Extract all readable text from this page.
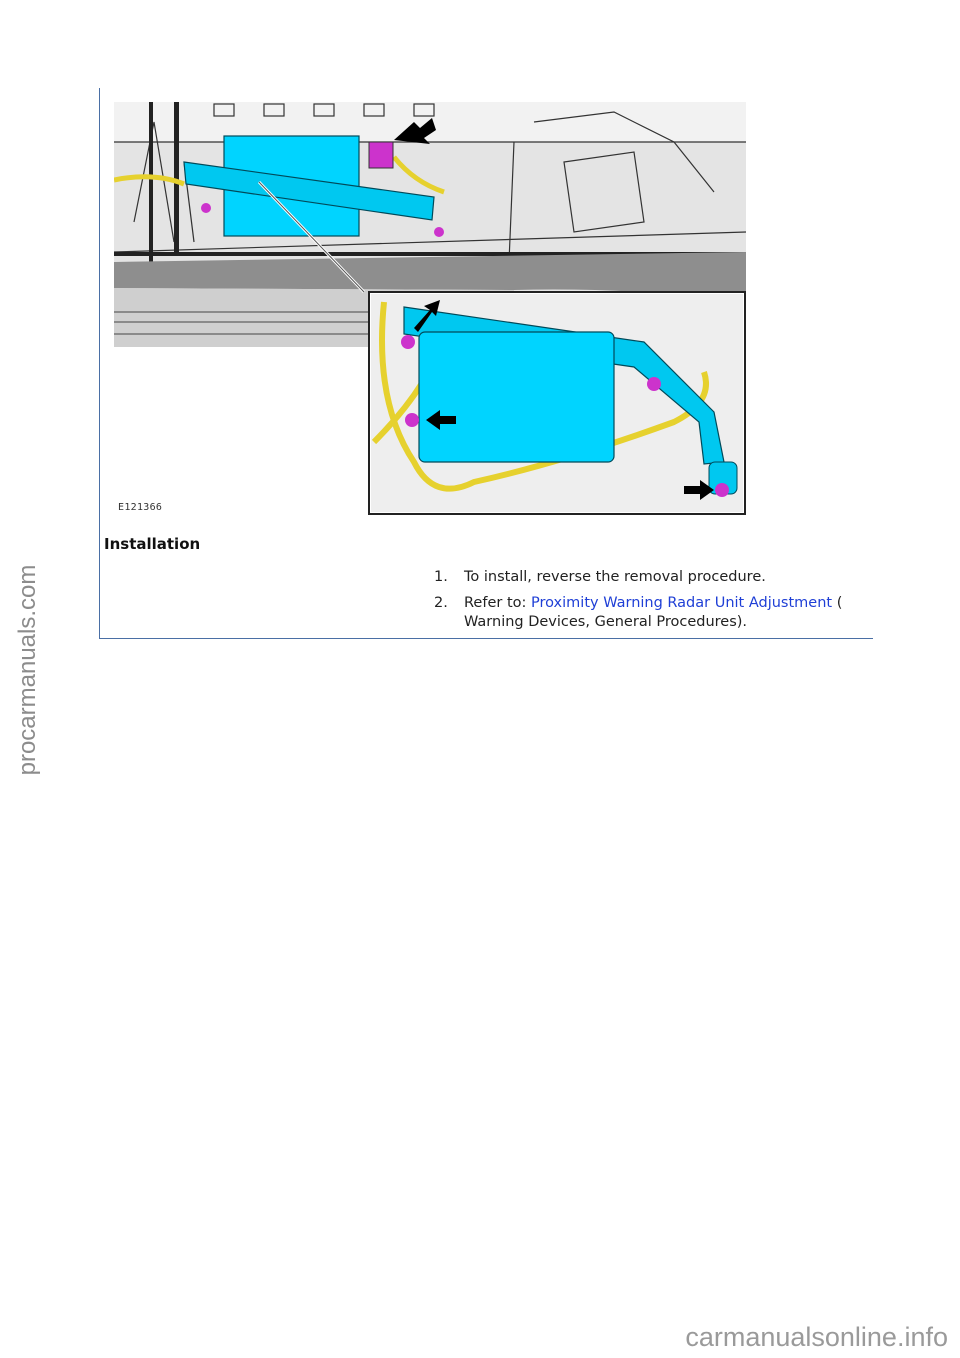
E121366
Installation
1. To install, reverse the removal procedure.
2. Refer to: Proximity Warning Radar Unit Adjustment (
Warning Devices, General Procedures).
procarmanuals.com
carmanualsonline.info
